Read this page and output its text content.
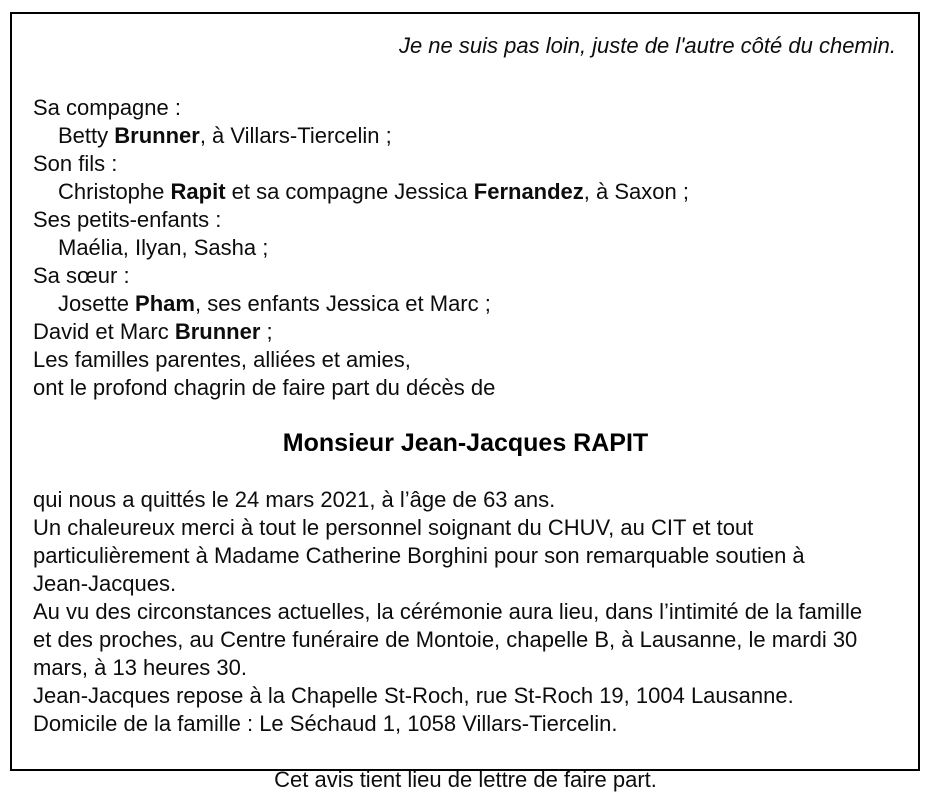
Je ne suis pas loin, juste de l'autre côté du chemin.
Sa compagne :
Betty Brunner, à Villars-Tiercelin ;
Son fils :
Christophe Rapit et sa compagne Jessica Fernandez, à Saxon ;
Ses petits-enfants :
Maélia, Ilyan, Sasha ;
Sa sœur :
Josette Pham, ses enfants Jessica et Marc ;
David et Marc Brunner ;
Les familles parentes, alliées et amies,
ont le profond chagrin de faire part du décès de
Monsieur Jean-Jacques RAPIT
qui nous a quittés le 24 mars 2021, à l’âge de 63 ans.
Un chaleureux merci à tout le personnel soignant du CHUV, au CIT et tout
particulièrement à Madame Catherine Borghini pour son remarquable soutien à
Jean-Jacques.
Au vu des circonstances actuelles, la cérémonie aura lieu, dans l’intimité de la famille
et des proches, au Centre funéraire de Montoie, chapelle B, à Lausanne, le mardi 30
mars, à 13 heures 30.
Jean-Jacques repose à la Chapelle St-Roch, rue St-Roch 19, 1004 Lausanne.
Domicile de la famille : Le Séchaud 1, 1058 Villars-Tiercelin.
Cet avis tient lieu de lettre de faire part.
